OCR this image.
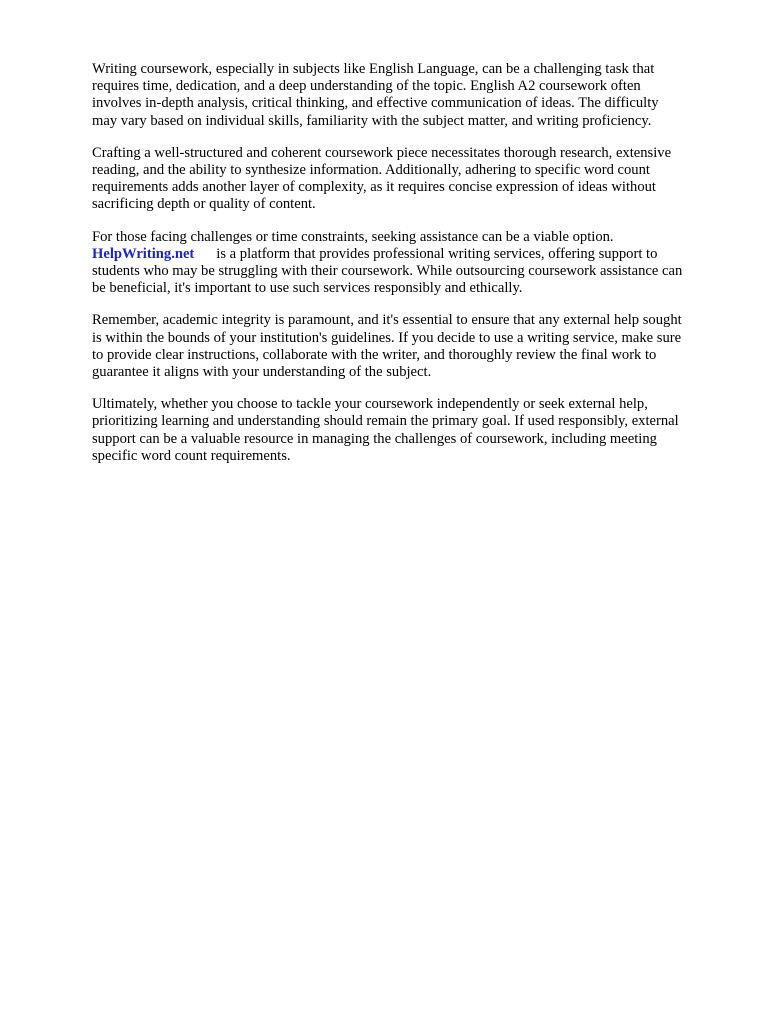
Writing coursework, especially in subjects like English Language, can be a challenging task that
requires time, dedication, and a deep understanding of the topic. English A2 coursework often
involves in-depth analysis, critical thinking, and effective communication of ideas. The difficulty
may vary based on individual skills, familiarity with the subject matter, and writing proficiency.

Crafting a well-structured and coherent coursework piece necessitates thorough research, extensive
reading, and the ability to synthesize information. Additionally, adhering to specific word count
requirements adds another layer of complexity, as it requires concise expression of ideas without
sacrificing depth or quality of content.

For those facing challenges or time constraints, seeking assistance can be a viable option.
HelpWriting.net is a platform that provides professional writing services, offering support to
students who may be struggling with their coursework. While outsourcing coursework assistance can
be beneficial, it's important to use such services responsibly and ethically.

Remember, academic integrity is paramount, and it's essential to ensure that any external help sought
is within the bounds of your institution's guidelines. If you decide to use a writing service, make sure
to provide clear instructions, collaborate with the writer, and thoroughly review the final work to
guarantee it aligns with your understanding of the subject.

Ultimately, whether you choose to tackle your coursework independently or seek external help,
prioritizing learning and understanding should remain the primary goal. If used responsibly, external
support can be a valuable resource in managing the challenges of coursework, including meeting
specific word count requirements.
